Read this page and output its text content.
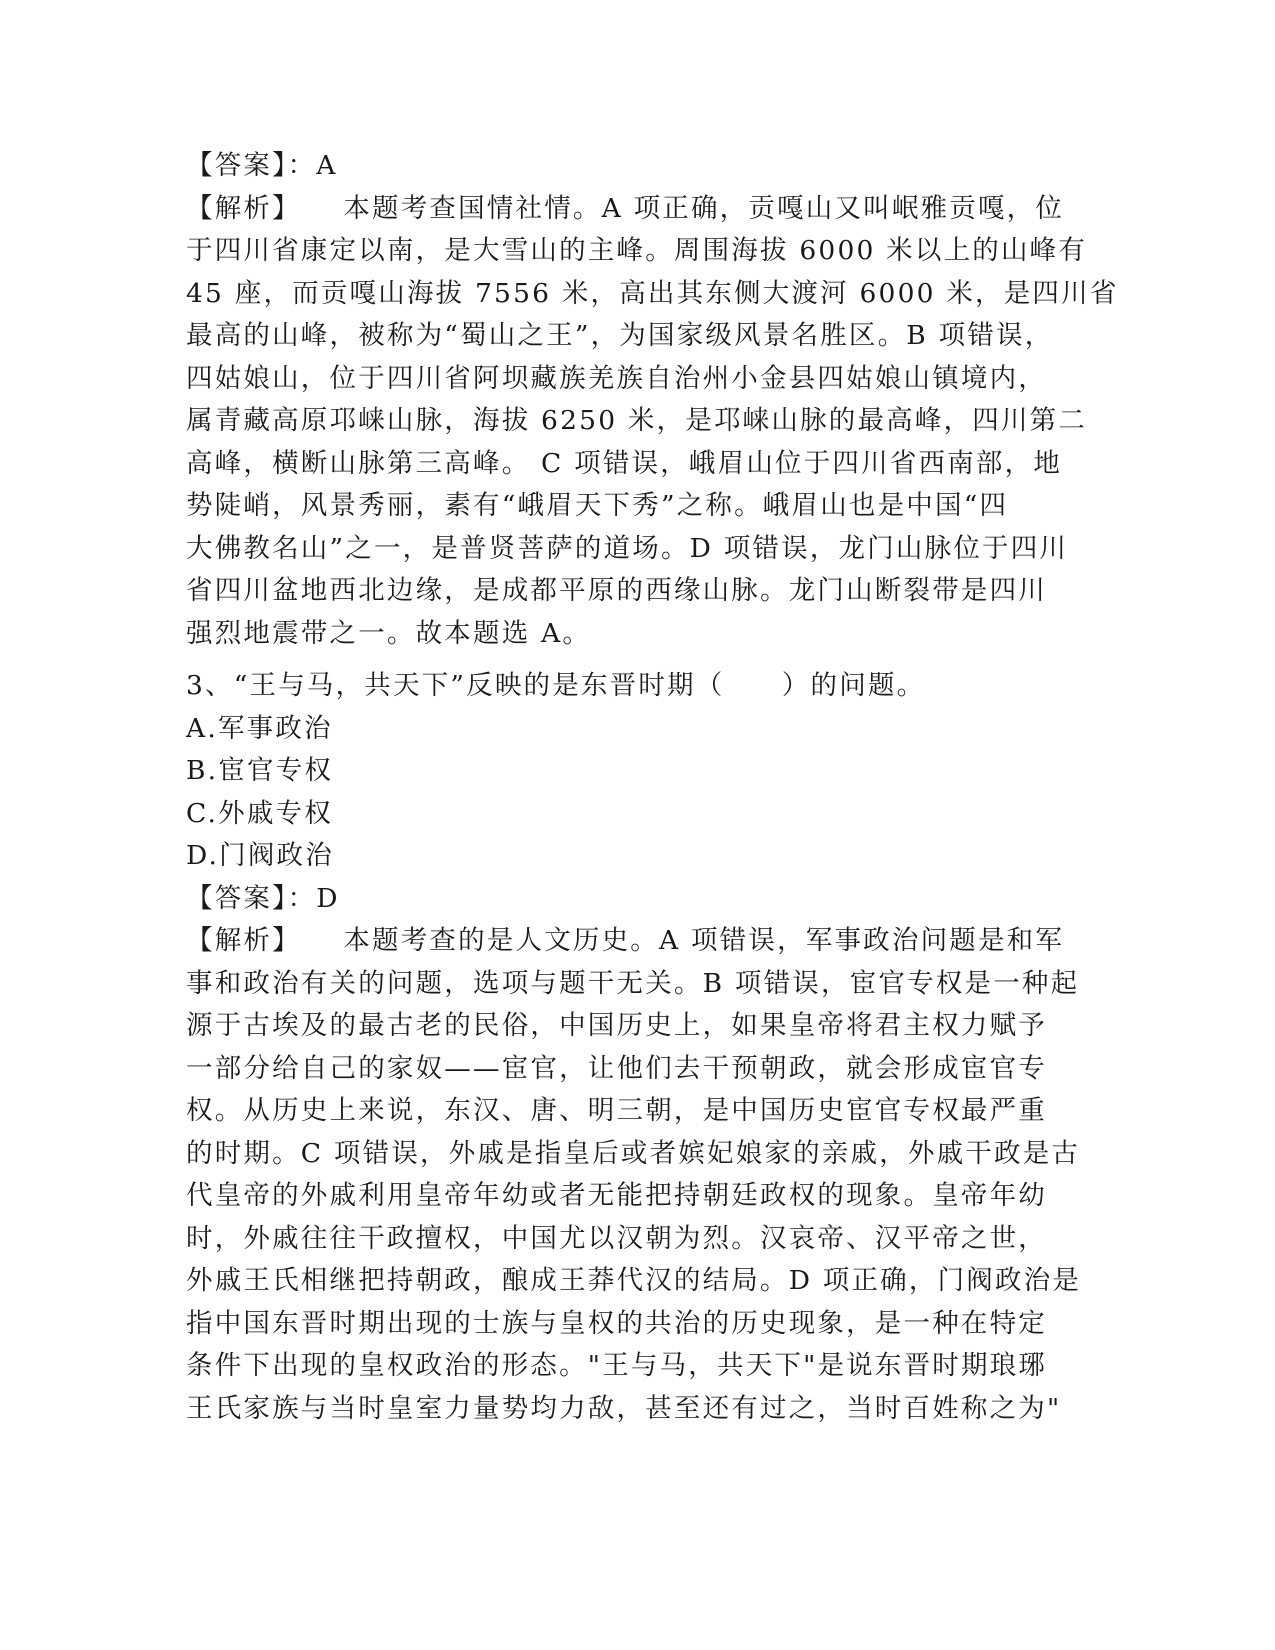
【答案】：A
【解析】 本题考查国情社情。A 项正确，贡嘎山又叫岷雅贡嘎，位
于四川省康定以南，是大雪山的主峰。周围海拔 6000 米以上的山峰有
45 座，而贡嘎山海拔 7556 米，高出其东侧大渡河 6000 米，是四川省
最高的山峰，被称为“蜀山之王”，为国家级风景名胜区。B 项错误，
四姑娘山，位于四川省阿坝藏族羌族自治州小金县四姑娘山镇境内，
属青藏高原邛崃山脉，海拔 6250 米，是邛崃山脉的最高峰，四川第二
高峰，横断山脉第三高峰。 C 项错误，峨眉山位于四川省西南部，地
势陡峭，风景秀丽，素有“峨眉天下秀”之称。峨眉山也是中国“四
大佛教名山”之一，是普贤菩萨的道场。D 项错误，龙门山脉位于四川
省四川盆地西北边缘，是成都平原的西缘山脉。龙门山断裂带是四川
强烈地震带之一。故本题选 A。
3、“王与马，共天下”反映的是东晋时期（　　）的问题。
A.军事政治
B.宦官专权
C.外戚专权
D.门阀政治
【答案】：D
【解析】 本题考查的是人文历史。A 项错误，军事政治问题是和军
事和政治有关的问题，选项与题干无关。B 项错误，宦官专权是一种起
源于古埃及的最古老的民俗，中国历史上，如果皇帝将君主权力赋予
一部分给自己的家奴——宦官，让他们去干预朝政，就会形成宦官专
权。从历史上来说，东汉、唐、明三朝，是中国历史宦官专权最严重
的时期。C 项错误，外戚是指皇后或者嫔妃娘家的亲戚，外戚干政是古
代皇帝的外戚利用皇帝年幼或者无能把持朝廷政权的现象。皇帝年幼
时，外戚往往干政擅权，中国尤以汉朝为烈。汉哀帝、汉平帝之世，
外戚王氏相继把持朝政，酿成王莽代汉的结局。D 项正确，门阀政治是
指中国东晋时期出现的士族与皇权的共治的历史现象，是一种在特定
条件下出现的皇权政治的形态。"王与马，共天下"是说东晋时期琅琊
王氏家族与当时皇室力量势均力敌，甚至还有过之，当时百姓称之为"
